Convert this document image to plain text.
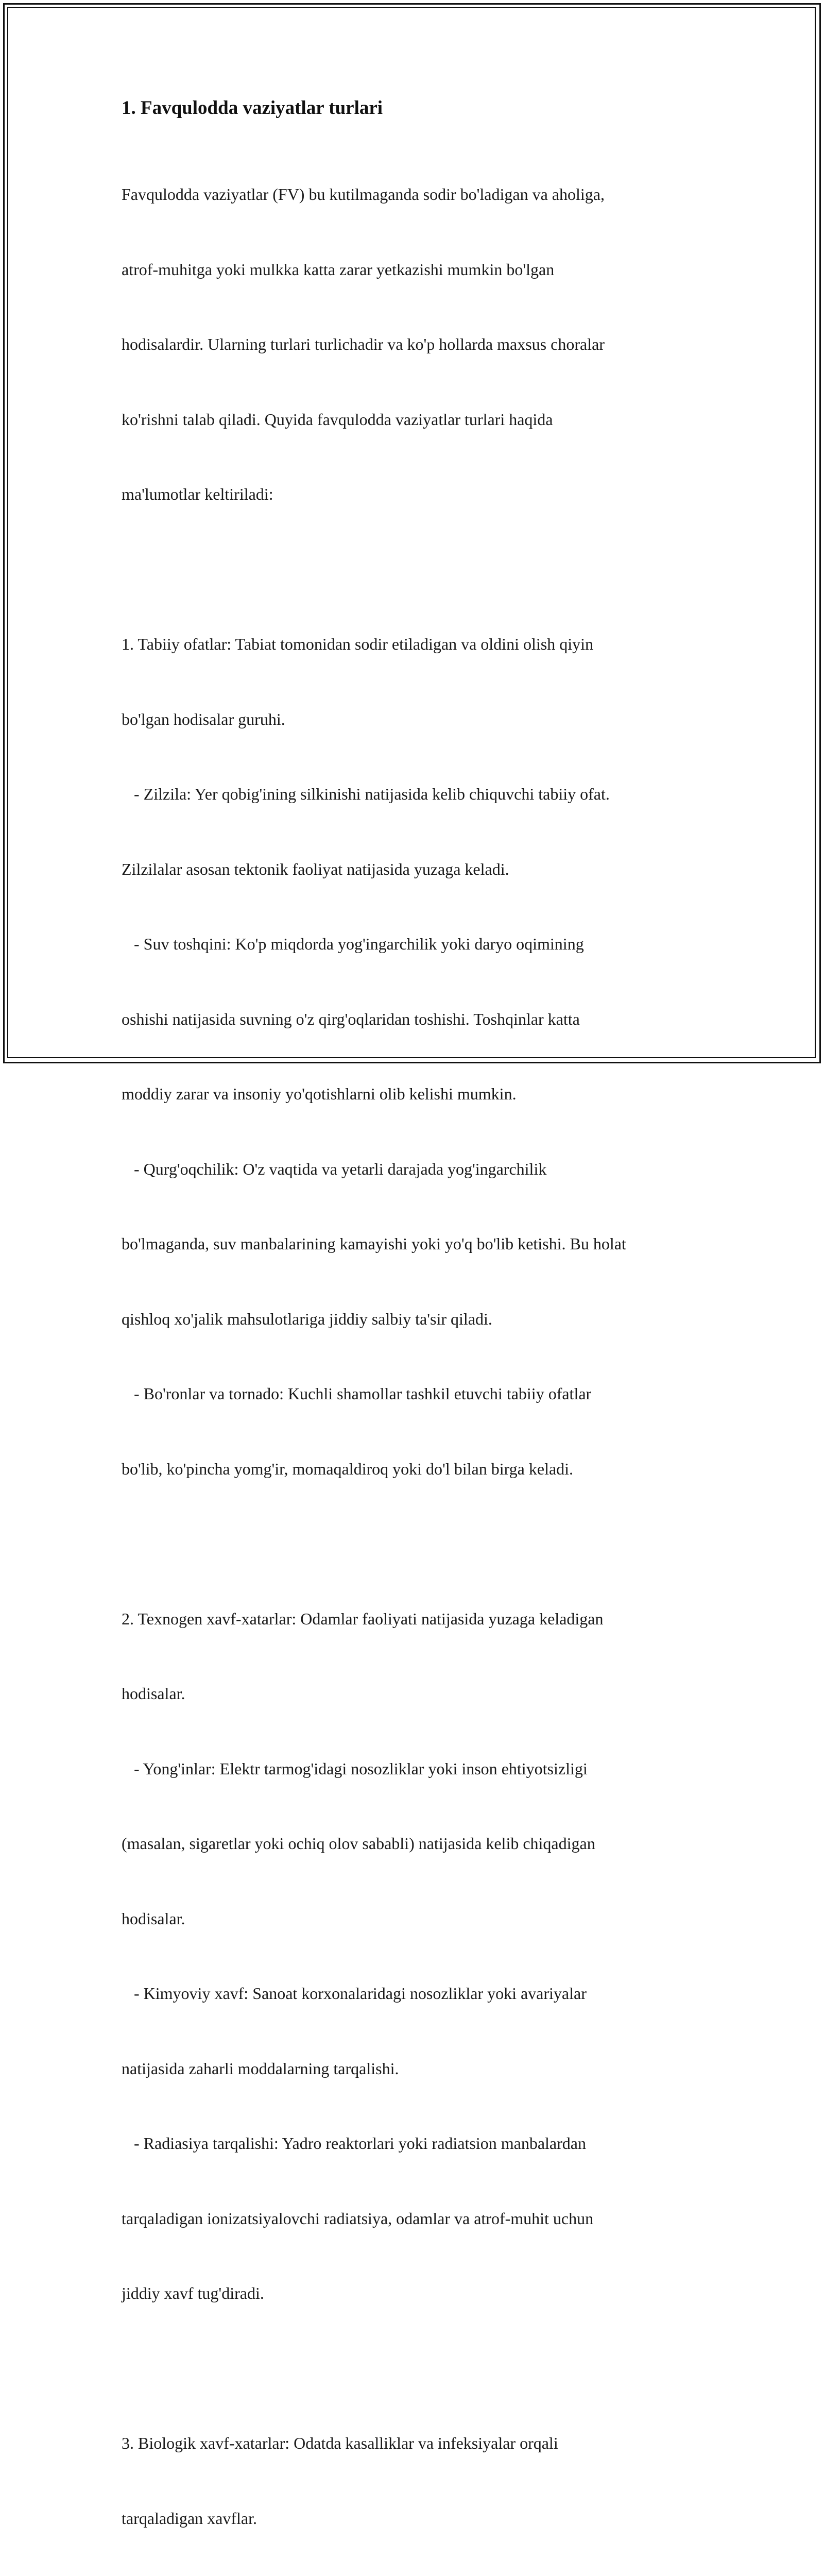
1. Favqulodda vaziyatlar turlari

Favqulodda vaziyatlar (FV) bu kutilmaganda sodir bo'ladigan va aholiga,

atrof-muhitga yoki mulkka katta zarar yetkazishi mumkin bo'lgan

hodisalardir. Ularning turlari turlichadir va ko'p hollarda maxsus choralar

ko'rishni talab qiladi. Quyida favqulodda vaziyatlar turlari haqida

ma'lumotlar keltiriladi:

1. Tabiiy ofatlar: Tabiat tomonidan sodir etiladigan va oldini olish qiyin

bo'lgan hodisalar guruhi.

- Zilzila: Yer qobig'ining silkinishi natijasida kelib chiquvchi tabiiy ofat.

Zilzilalar asosan tektonik faoliyat natijasida yuzaga keladi.

- Suv toshqini: Ko'p miqdorda yog'ingarchilik yoki daryo oqimining

oshishi natijasida suvning o'z qirg'oqlaridan toshishi. Toshqinlar katta

moddiy zarar va insoniy yo'qotishlarni olib kelishi mumkin.

- Qurg'oqchilik: O'z vaqtida va yetarli darajada yog'ingarchilik

bo'lmaganda, suv manbalarining kamayishi yoki yo'q bo'lib ketishi. Bu holat

qishloq xo'jalik mahsulotlariga jiddiy salbiy ta'sir qiladi.

- Bo'ronlar va tornado: Kuchli shamollar tashkil etuvchi tabiiy ofatlar

bo'lib, ko'pincha yomg'ir, momaqaldiroq yoki do'l bilan birga keladi.

2. Texnogen xavf-xatarlar: Odamlar faoliyati natijasida yuzaga keladigan

hodisalar.

- Yong'inlar: Elektr tarmog'idagi nosozliklar yoki inson ehtiyotsizligi

(masalan, sigaretlar yoki ochiq olov sababli) natijasida kelib chiqadigan

hodisalar.

- Kimyoviy xavf: Sanoat korxonalaridagi nosozliklar yoki avariyalar

natijasida zaharli moddalarning tarqalishi.

- Radiasiya tarqalishi: Yadro reaktorlari yoki radiatsion manbalardan

tarqaladigan ionizatsiyalovchi radiatsiya, odamlar va atrof-muhit uchun

jiddiy xavf tug'diradi.

3. Biologik xavf-xatarlar: Odatda kasalliklar va infeksiyalar orqali

tarqaladigan xavflar.
